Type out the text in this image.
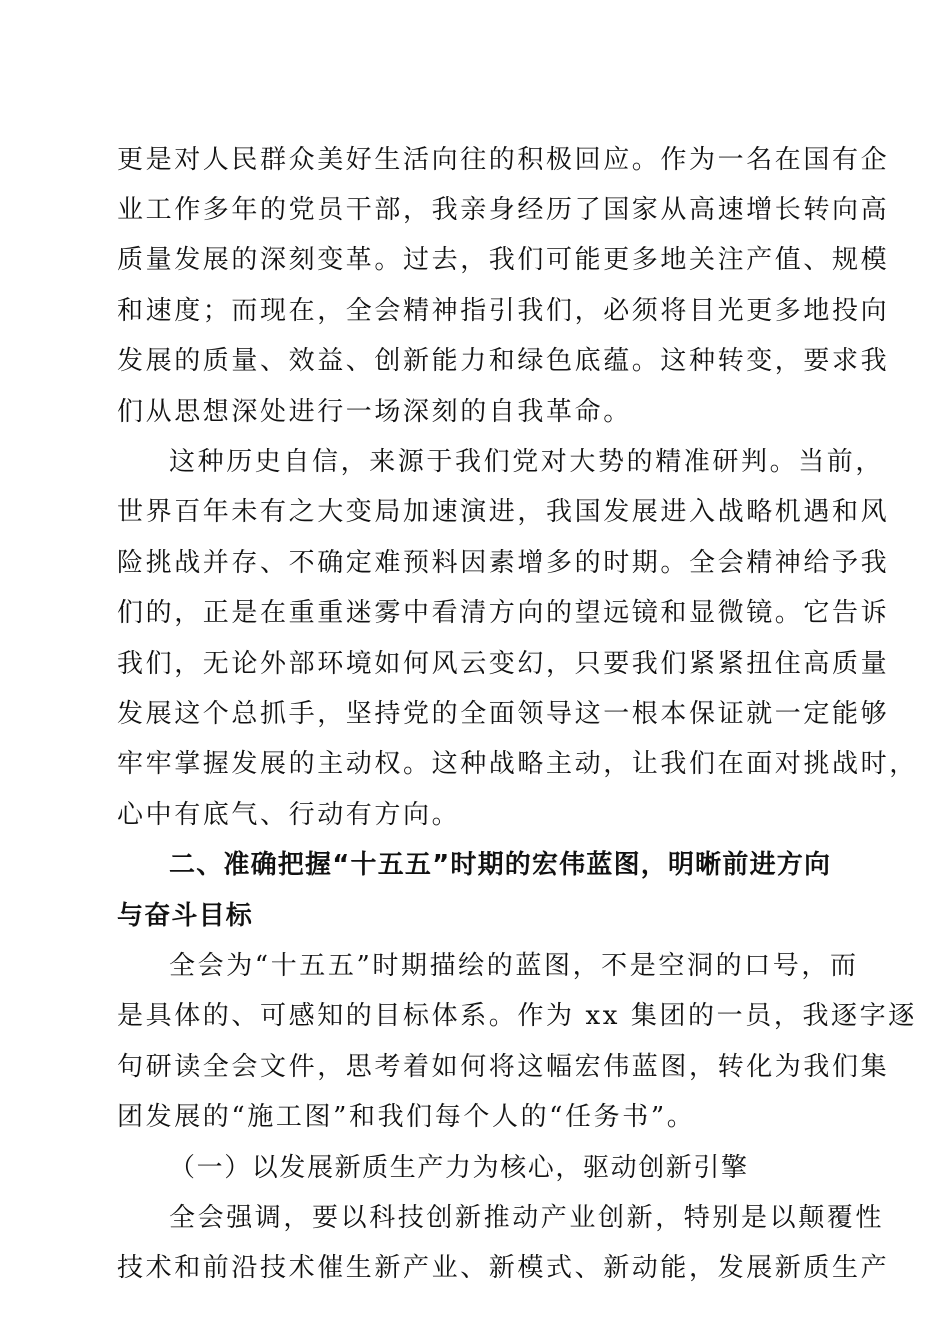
更是对人民群众美好生活向往的积极回应。作为一名在国有企
业工作多年的党员干部，我亲身经历了国家从高速增长转向高
质量发展的深刻变革。过去，我们可能更多地关注产值、规模
和速度；而现在，全会精神指引我们，必须将目光更多地投向
发展的质量、效益、创新能力和绿色底蕴。这种转变，要求我
们从思想深处进行一场深刻的自我革命。
这种历史自信，来源于我们党对大势的精准研判。当前，
世界百年未有之大变局加速演进，我国发展进入战略机遇和风
险挑战并存、不确定难预料因素增多的时期。全会精神给予我
们的，正是在重重迷雾中看清方向的望远镜和显微镜。它告诉
我们，无论外部环境如何风云变幻，只要我们紧紧扭住高质量
发展这个总抓手，坚持党的全面领导这一根本保证就一定能够
牢牢掌握发展的主动权。这种战略主动，让我们在面对挑战时，
心中有底气、行动有方向。
二、准确把握“十五五”时期的宏伟蓝图，明晰前进方向
与奋斗目标
全会为“十五五”时期描绘的蓝图，不是空洞的口号，而
是具体的、可感知的目标体系。作为 xx 集团的一员，我逐字逐
句研读全会文件，思考着如何将这幅宏伟蓝图，转化为我们集
团发展的“施工图”和我们每个人的“任务书”。
（一）以发展新质生产力为核心，驱动创新引擎
全会强调，要以科技创新推动产业创新，特别是以颠覆性
技术和前沿技术催生新产业、新模式、新动能，发展新质生产
